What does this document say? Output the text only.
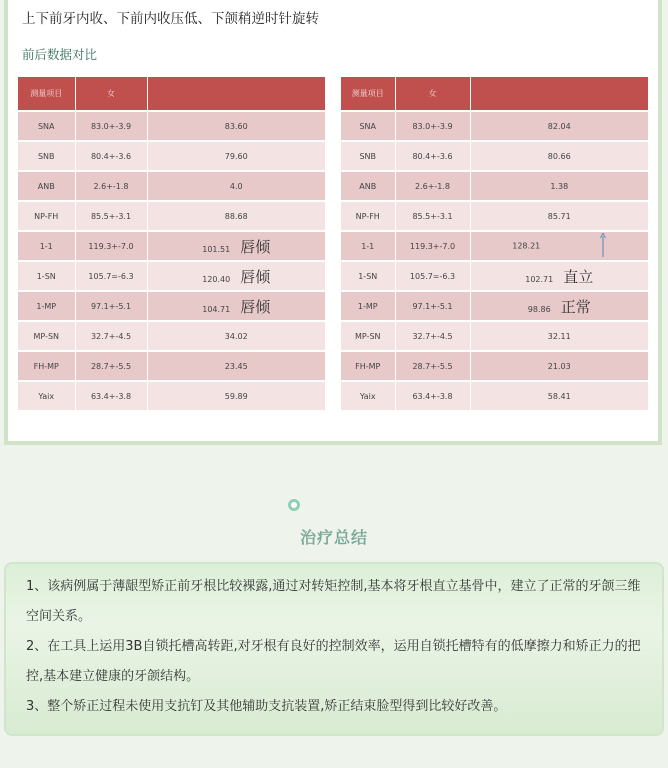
上下前牙内收、下前内收压低、下颌稍逆时针旋转
前后数据对比
测量项目	女	
SNA	83.0+-3.9	83.60
SNB	80.4+-3.6	79.60
ANB	2.6+-1.8	4.0
NP-FH	85.5+-3.1	88.68
1-1	119.3+-7.0	101.51 唇倾
1-SN	105.7=-6.3	120.40 唇倾
1-MP	97.1+-5.1	104.71 唇倾
MP-SN	32.7+-4.5	34.02
FH-MP	28.7+-5.5	23.45
Yaix	63.4+-3.8	59.89
测量项目	女	
SNA	83.0+-3.9	82.04
SNB	80.4+-3.6	80.66
ANB	2.6+-1.8	1.38
NP-FH	85.5+-3.1	85.71
1-1	119.3+-7.0	128.21
1-SN	105.7=-6.3	102.71 直立
1-MP	97.1+-5.1	98.86 正常
MP-SN	32.7+-4.5	32.11
FH-MP	28.7+-5.5	21.03
Yaix	63.4+-3.8	58.41
治疗总结

1、该病例属于薄龈型矫正前牙根比较裸露,通过对转矩控制,基本将牙根直立基骨中，建立了正常的牙颌三维空间关系。

2、在工具上运用3B自锁托槽高转距,对牙根有良好的控制效率，运用自锁托槽特有的低摩擦力和矫正力的把控,基本建立健康的牙颌结构。

3、整个矫正过程未使用支抗钉及其他辅助支抗装置,矫正结束脸型得到比较好改善。
